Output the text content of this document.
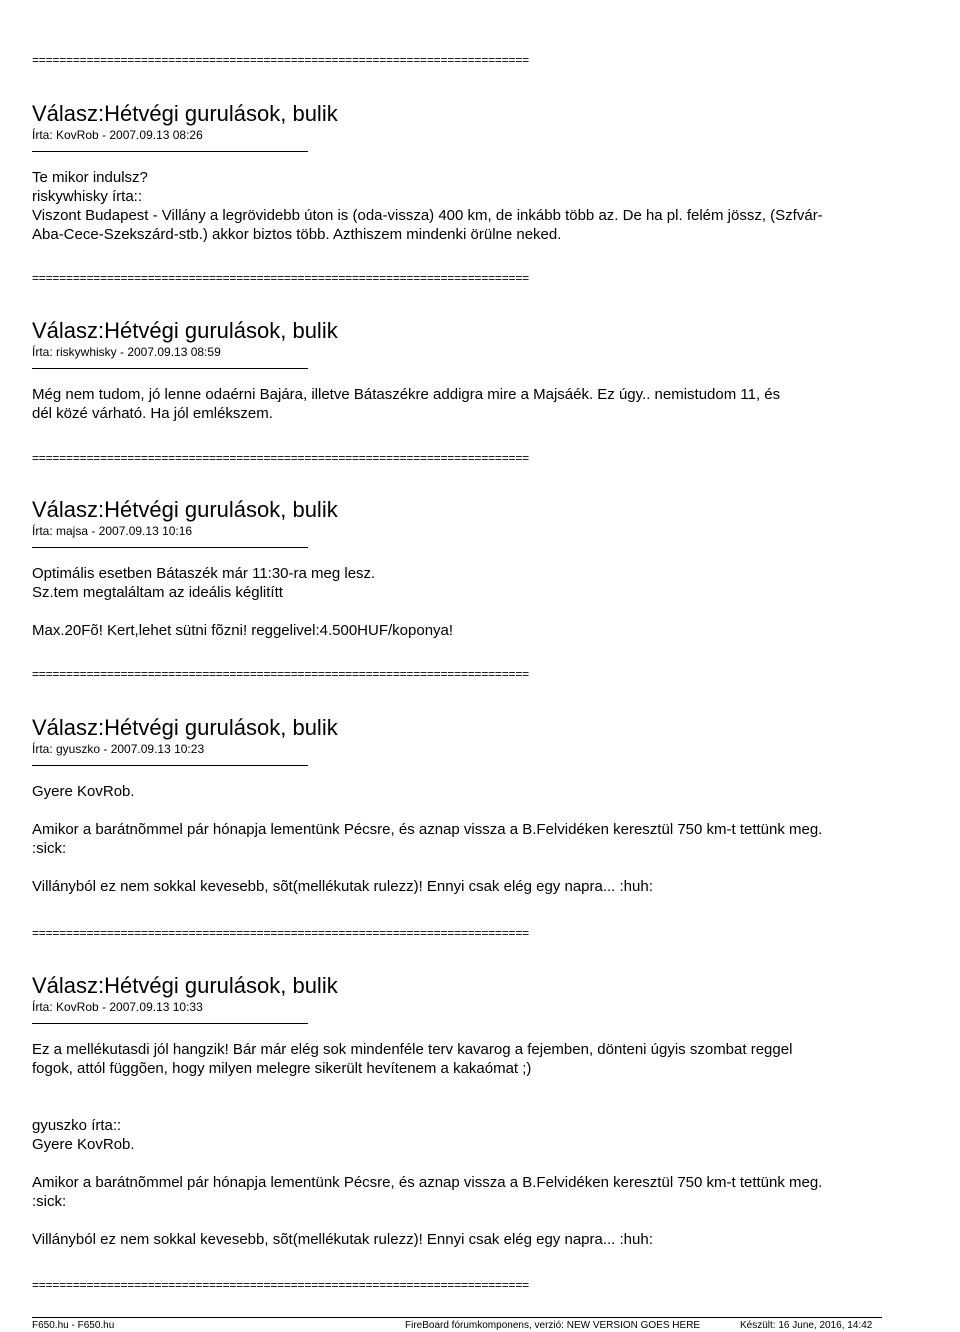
=========================================================================
Válasz:Hétvégi gurulások, bulik
Írta: KovRob - 2007.09.13 08:26

Te mikor indulsz?

riskywhisky írta::

Viszont Budapest - Villány a legrövidebb úton is (oda-vissza) 400 km, de inkább több az. De ha pl. felém jössz, (Szfvár-

Aba-Cece-Szekszárd-stb.) akkor biztos több. Azthiszem mindenki örülne neked.

=========================================================================
Válasz:Hétvégi gurulások, bulik
Írta: riskywhisky - 2007.09.13 08:59

Még nem tudom, jó lenne odaérni Bajára, illetve Bátaszékre addigra mire a Majsáék. Ez úgy.. nemistudom 11, és

dél közé várható. Ha jól emlékszem.

=========================================================================
Válasz:Hétvégi gurulások, bulik
Írta: majsa - 2007.09.13 10:16

Optimális esetben Bátaszék már 11:30-ra meg lesz.

Sz.tem megtaláltam az ideális kéglitítt

Max.20Fõ! Kert,lehet sütni fõzni! reggelivel:4.500HUF/koponya!

=========================================================================
Válasz:Hétvégi gurulások, bulik
Írta: gyuszko - 2007.09.13 10:23

Gyere KovRob.

Amikor a barátnõmmel pár hónapja lementünk Pécsre, és aznap vissza a B.Felvidéken keresztül 750 km-t tettünk meg.

:sick:

Villányból ez nem sokkal kevesebb, sõt(mellékutak rulezz)! Ennyi csak elég egy napra... :huh:

=========================================================================
Válasz:Hétvégi gurulások, bulik
Írta: KovRob - 2007.09.13 10:33

Ez a mellékutasdi jól hangzik! Bár már elég sok mindenféle terv kavarog a fejemben, dönteni úgyis szombat reggel

fogok, attól függõen, hogy milyen melegre sikerült hevítenem a kakaómat ;)

gyuszko írta::

Gyere KovRob.

Amikor a barátnõmmel pár hónapja lementünk Pécsre, és aznap vissza a B.Felvidéken keresztül 750 km-t tettünk meg.

:sick:

Villányból ez nem sokkal kevesebb, sõt(mellékutak rulezz)! Ennyi csak elég egy napra... :huh:

=========================================================================
F650.hu - F650.hu	FireBoard fórumkomponens, verzió: NEW VERSION GOES HERE	Készült: 16 June, 2016, 14:42
